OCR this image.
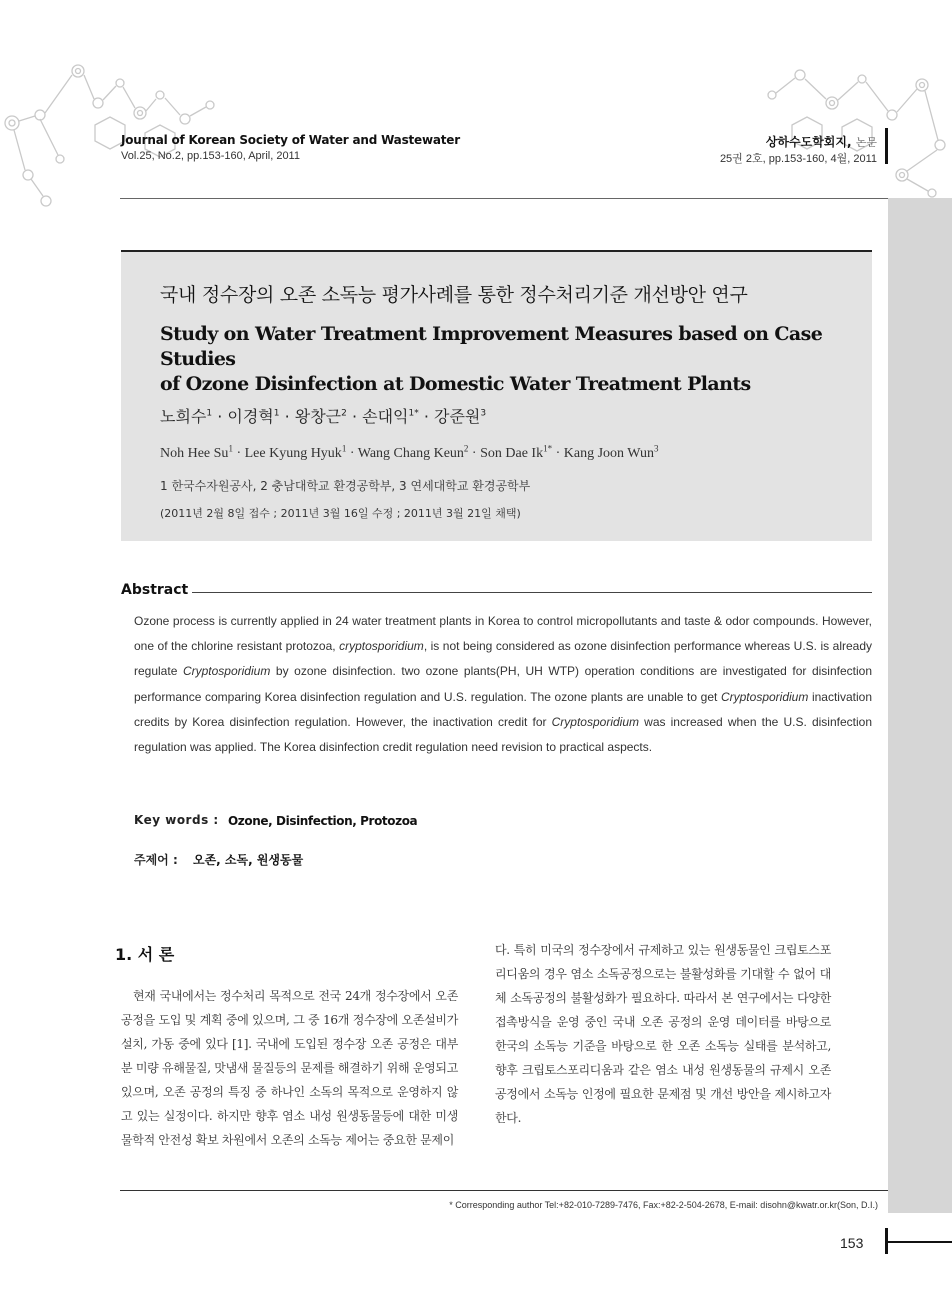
Journal of Korean Society of Water and Wastewater
Vol.25, No.2, pp.153-160, April, 2011
상하수도학회지, 논문
25권 2호, pp.153-160, 4월, 2011
국내 정수장의 오존 소독능 평가사례를 통한 정수처리기준 개선방안 연구
Study on Water Treatment Improvement Measures based on Case Studies
of Ozone Disinfection at Domestic Water Treatment Plants
노희수$^1$ · 이경혁$^1$ · 왕창근$^2$ · 손대익$^{1*}$ · 강준원$^3$
Noh Hee $Su^1$ · Lee Kyung Hyuk$^1$ · Wang Chang Keun$^2$ · Son Dae $Ik^{1*}$ · Kang Joon Wun$^3$
1 한국수자원공사, 2 충남대학교 환경공학부, 3 연세대학교 환경공학부
(2011년 2월 8일 접수 ; 2011년 3월 16일 수정 ; 2011년 3월 21일 채택)
Abstract
Ozone process is currently applied in 24 water treatment plants in Korea to control micropollutants and taste & odor compounds. However, one of the chlorine resistant protozoa, cryptosporidium, is not being considered as ozone disinfection performance whereas U.S. is already regulate Cryptosporidium by ozone disinfection. two ozone plants(PH, UH WTP) operation conditions are investigated for disinfection performance comparing Korea disinfection regulation and U.S. regulation. The ozone plants are unable to get Cryptosporidium inactivation credits by Korea disinfection regulation. However, the inactivation credit for Cryptosporidium was increased when the U.S. disinfection regulation was applied. The Korea disinfection credit regulation need revision to practical aspects.
Key words : Ozone, Disinfection, Protozoa
주제어 : 오존, 소독, 원생동물
1. 서 론
현재 국내에서는 정수처리 목적으로 전국 24개 정수장에서 오존 공정을 도입 및 계획 중에 있으며, 그 중 16개 정수장에 오존설비가 설치, 가동 중에 있다 [1]. 국내에 도입된 정수장 오존 공정은 대부분 미량 유해물질, 맛냄새 물질등의 문제를 해결하기 위해 운영되고 있으며, 오존 공정의 특징 중 하나인 소독의 목적으로 운영하지 않고 있는 실정이다. 하지만 향후 염소 내성 원생동물등에 대한 미생물학적 안전성 확보 차원에서 오존의 소독능 제어는 중요한 문제이
다. 특히 미국의 정수장에서 규제하고 있는 원생동물인 크립토스포리디움의 경우 염소 소독공정으로는 불활성화를 기대할 수 없어 대체 소독공정의 불활성화가 필요하다. 따라서 본 연구에서는 다양한 접촉방식을 운영 중인 국내 오존 공정의 운영 데이터를 바탕으로 한국의 소독능 기준을 바탕으로 한 오존 소독능 실태를 분석하고, 향후 크립토스포리디움과 같은 염소 내성 원생동물의 규제시 오존공정에서 소독능 인정에 필요한 문제점 및 개선 방안을 제시하고자 한다.
* Corresponding author Tel:+82-010-7289-7476, Fax:+82-2-504-2678, E-mail: disohn@kwatr.or.kr(Son, D.I.)
153
